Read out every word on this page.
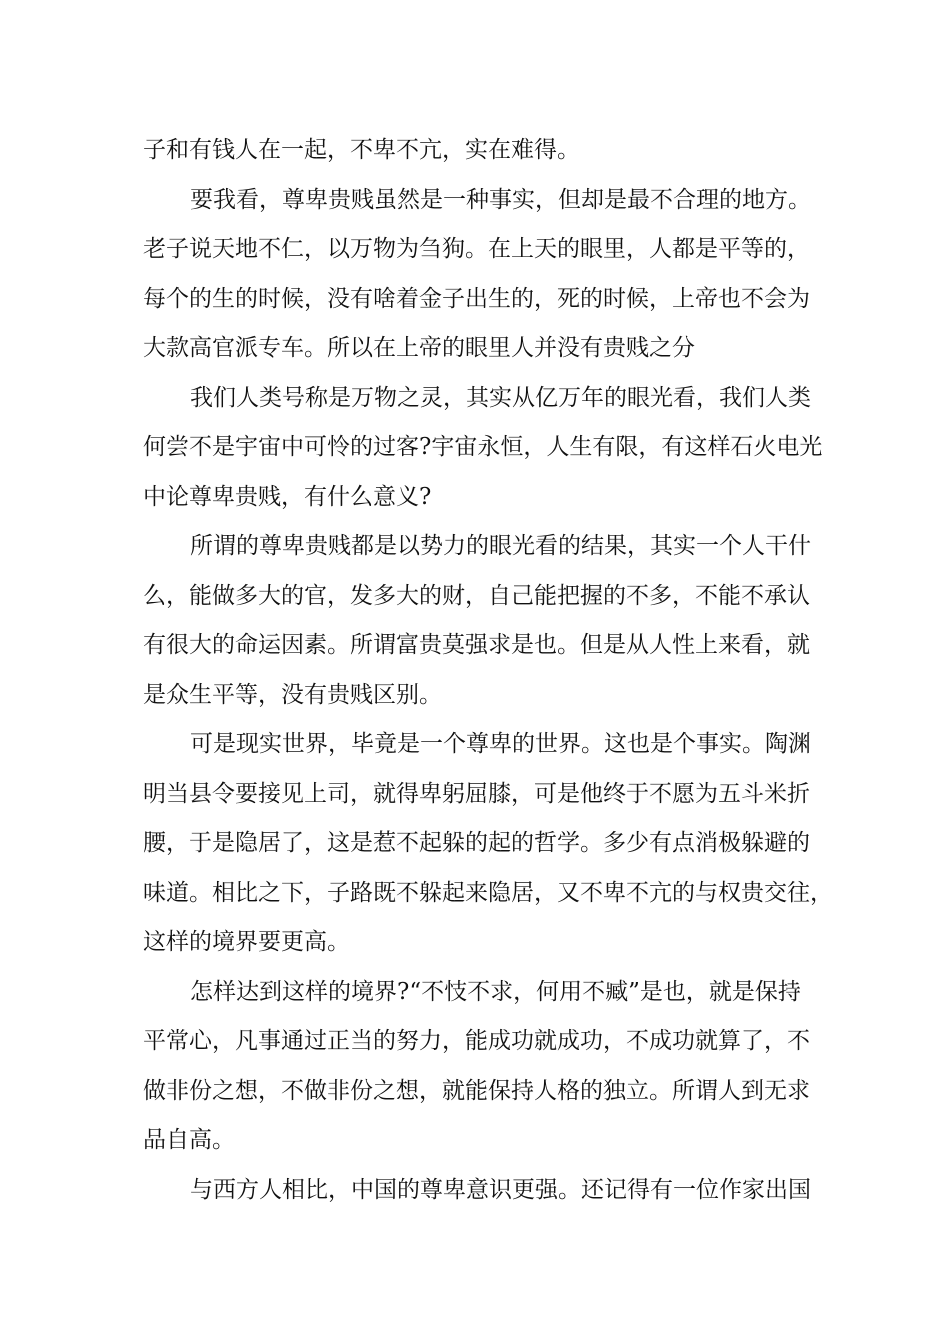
子和有钱人在一起，不卑不亢，实在难得。
要我看，尊卑贵贱虽然是一种事实，但却是最不合理的地方。
老子说天地不仁，以万物为刍狗。在上天的眼里，人都是平等的，
每个的生的时候，没有啥着金子出生的，死的时候，上帝也不会为
大款高官派专车。所以在上帝的眼里人并没有贵贱之分
我们人类号称是万物之灵，其实从亿万年的眼光看，我们人类
何尝不是宇宙中可怜的过客?宇宙永恒，人生有限，有这样石火电光
中论尊卑贵贱，有什么意义?
所谓的尊卑贵贱都是以势力的眼光看的结果，其实一个人干什
么，能做多大的官，发多大的财，自己能把握的不多，不能不承认
有很大的命运因素。所谓富贵莫强求是也。但是从人性上来看，就
是众生平等，没有贵贱区别。
可是现实世界，毕竟是一个尊卑的世界。这也是个事实。陶渊
明当县令要接见上司，就得卑躬屈膝，可是他终于不愿为五斗米折
腰，于是隐居了，这是惹不起躲的起的哲学。多少有点消极躲避的
味道。相比之下，子路既不躲起来隐居，又不卑不亢的与权贵交往，
这样的境界要更高。
怎样达到这样的境界?“不忮不求，何用不臧”是也，就是保持
平常心，凡事通过正当的努力，能成功就成功，不成功就算了，不
做非份之想，不做非份之想，就能保持人格的独立。所谓人到无求
品自高。
与西方人相比，中国的尊卑意识更强。还记得有一位作家出国
